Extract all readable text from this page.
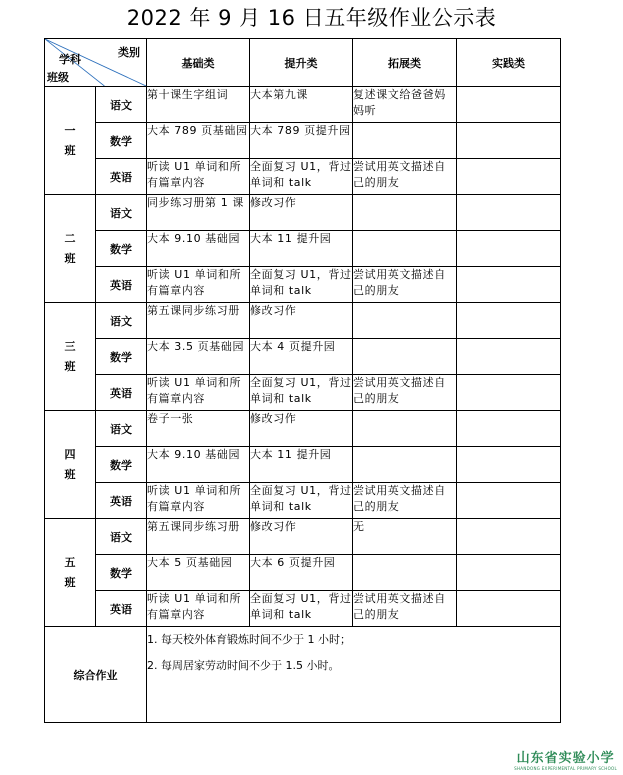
2022 年 9 月 16 日五年级作业公示表
类别
学科
班级		基础类	提升类	拓展类	实践类

一
班	语文	第十课生字组词	大本第九课	复述课文给爸爸妈妈听	
	数学	大本 789 页基础园	大本 789 页提升园		
	英语	听读 U1 单词和所有篇章内容	全面复习 U1，背过单词和 talk	尝试用英文描述自己的朋友	

二
班	语文	同步练习册第 1 课	修改习作		
	数学	大本 9.10 基础园	大本 11 提升园		
	英语	听读 U1 单词和所有篇章内容	全面复习 U1，背过单词和 talk	尝试用英文描述自己的朋友	

三
班	语文	第五课同步练习册	修改习作		
	数学	大本 3.5 页基础园	大本 4 页提升园		
	英语	听读 U1 单词和所有篇章内容	全面复习 U1，背过单词和 talk	尝试用英文描述自己的朋友	

四
班	语文	卷子一张	修改习作		
	数学	大本 9.10 基础园	大本 11 提升园		
	英语	听读 U1 单词和所有篇章内容	全面复习 U1，背过单词和 talk	尝试用英文描述自己的朋友	

五
班	语文	第五课同步练习册	修改习作	无	
	数学	大本 5 页基础园	大本 6 页提升园		
	英语	听读 U1 单词和所有篇章内容	全面复习 U1，背过单词和 talk	尝试用英文描述自己的朋友	
综合作业		1. 每天校外体育锻炼时间不少于 1 小时；
2. 每周居家劳动时间不少于 1.5 小时。			
山东省实验小学
SHANDONG EXPERIMENTAL PRIMARY SCHOOL
